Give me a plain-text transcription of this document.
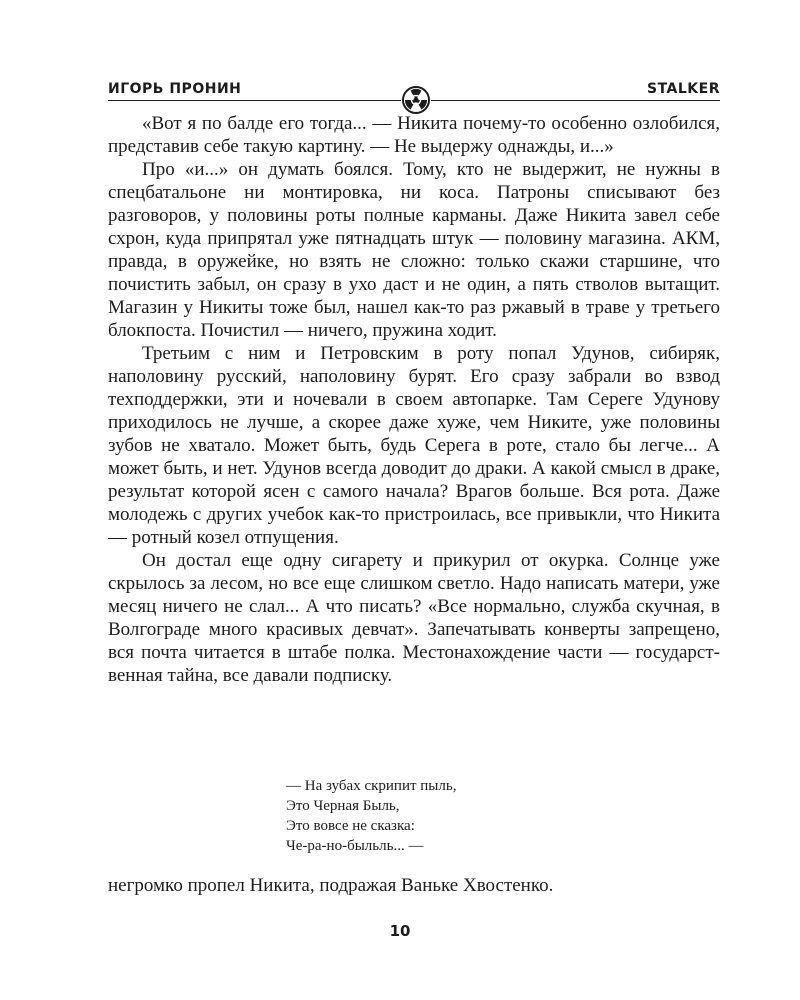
ИГОРЬ ПРОНИН	STALKER

«Вот я по балде его тогда... — Никита почему-то особенно озлобился, представив себе такую картину. — Не выдержу однажды, и...»

Про «и...» он думать боялся. Тому, кто не выдержит, не нужны в спецбатальоне ни монтировка, ни коса. Патроны списывают без разговоров, у половины роты полные карманы. Даже Никита завел себе схрон, куда припрятал уже пятнадцать штук — половину магазина. АКМ, правда, в оружейке, но взять не сложно: только скажи старшине, что почистить забыл, он сразу в ухо даст и не один, а пять стволов вытащит. Магазин у Никиты тоже был, нашел как-то раз ржавый в траве у третьего блокпоста. Почистил — ничего, пружина ходит.

Третьим с ним и Петровским в роту попал Удунов, сибиряк, наполовину русский, наполовину бурят. Его сразу забрали во взвод техподдержки, эти и ночевали в своем автопарке. Там Сереге Удунову приходилось не лучше, а скорее даже хуже, чем Никите, уже половины зубов не хватало. Может быть, будь Серега в роте, стало бы легче... А может быть, и нет. Удунов всегда доводит до драки. А какой смысл в драке, результат которой ясен с самого начала? Врагов больше. Вся рота. Даже молодежь с других учебок как-то пристроилась, все привыкли, что Никита — ротный козел отпущения.

Он достал еще одну сигарету и прикурил от окурка. Солнце уже скрылось за лесом, но все еще слишком светло. Надо написать матери, уже месяц ничего не слал... А что писать? «Все нормально, служба скучная, в Волгограде много красивых девчат». Запечатывать конверты запрещено, вся почта читается в штабе полка. Местонахождение части — государственная тайна, все давали подписку.

— На зубах скрипит пыль,
Это Черная Быль,
Это вовсе не сказка:
Че-ра-но-быльль... —
негромко пропел Никита, подражая Ваньке Хвостенко.
10
